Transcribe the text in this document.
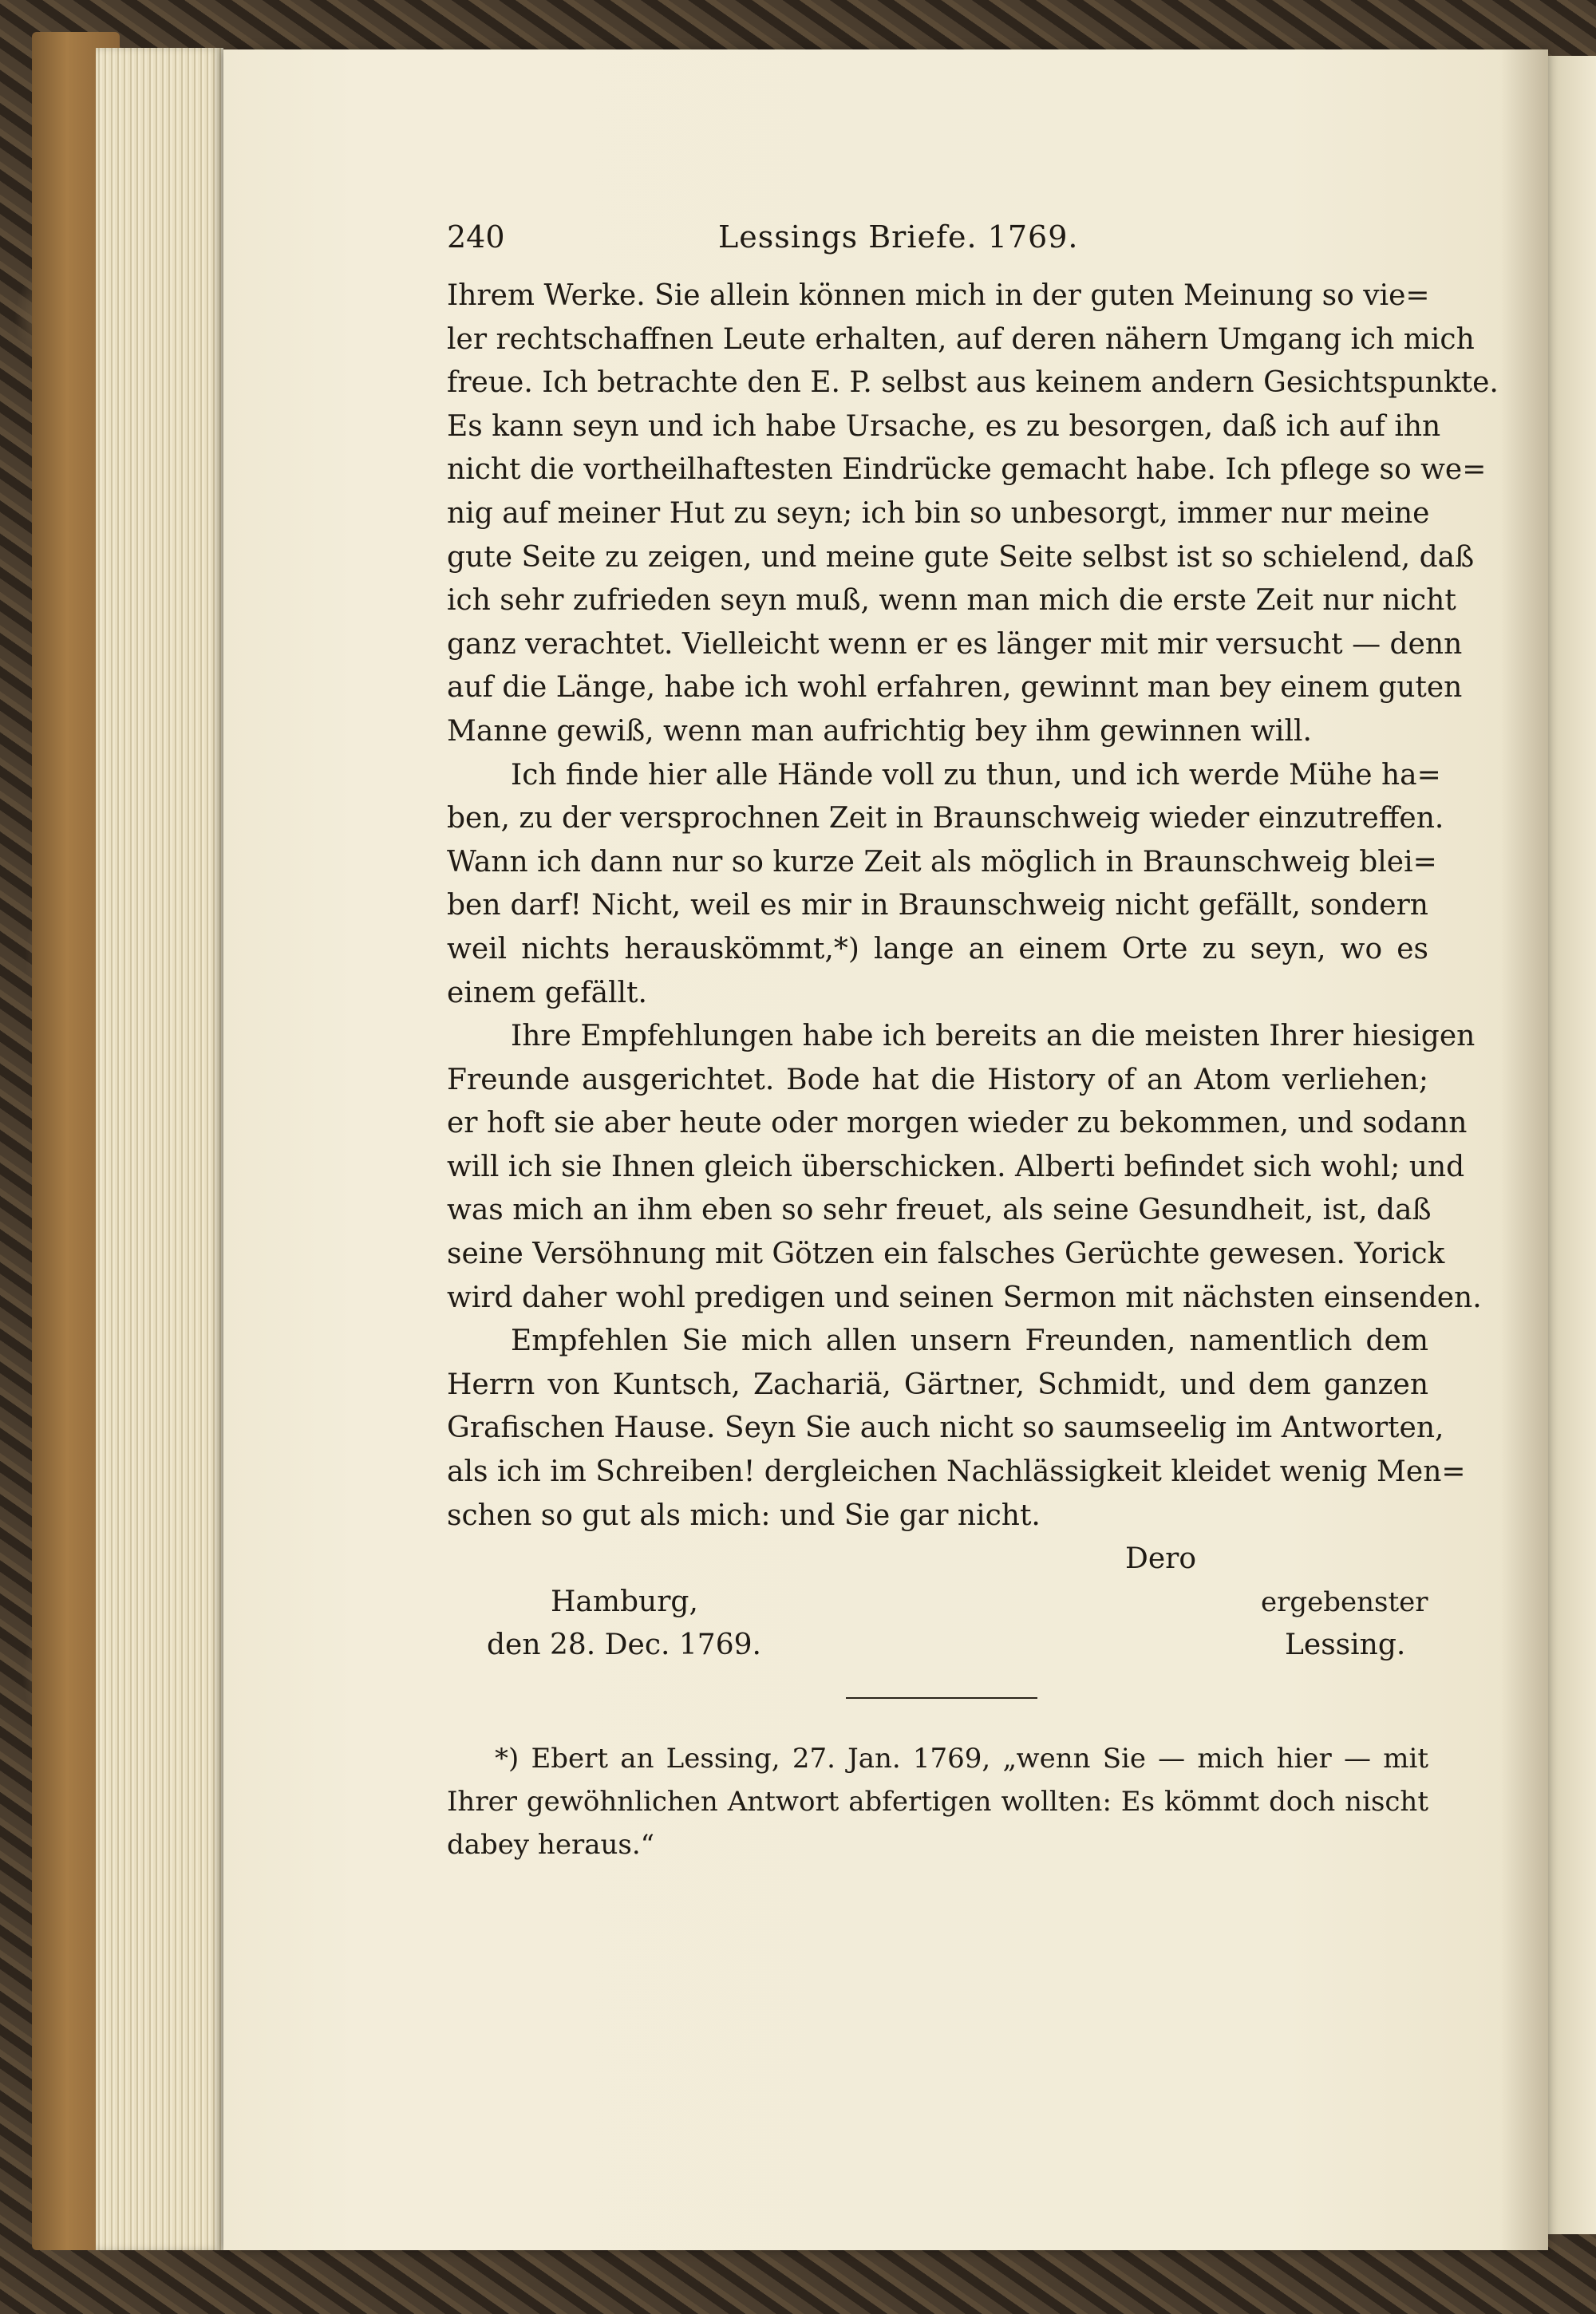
240	Lessings Briefe. 1769.
Ihrem Werke. Sie allein können mich in der guten Meinung so vie=
ler rechtschaffnen Leute erhalten, auf deren nähern Umgang ich mich
freue. Ich betrachte den E. P. selbst aus keinem andern Gesichtspunkte.
Es kann seyn und ich habe Ursache, es zu besorgen, daß ich auf ihn
nicht die vortheilhaftesten Eindrücke gemacht habe. Ich pflege so we=
nig auf meiner Hut zu seyn; ich bin so unbesorgt, immer nur meine
gute Seite zu zeigen, und meine gute Seite selbst ist so schielend, daß
ich sehr zufrieden seyn muß, wenn man mich die erste Zeit nur nicht
ganz verachtet. Vielleicht wenn er es länger mit mir versucht — denn
auf die Länge, habe ich wohl erfahren, gewinnt man bey einem guten
Manne gewiß, wenn man aufrichtig bey ihm gewinnen will.
Ich finde hier alle Hände voll zu thun, und ich werde Mühe ha=
ben, zu der versprochnen Zeit in Braunschweig wieder einzutreffen.
Wann ich dann nur so kurze Zeit als möglich in Braunschweig blei=
ben darf! Nicht, weil es mir in Braunschweig nicht gefällt, sondern
weil nichts herauskömmt,*) lange an einem Orte zu seyn, wo es
einem gefällt.
Ihre Empfehlungen habe ich bereits an die meisten Ihrer hiesigen
Freunde ausgerichtet. Bode hat die History of an Atom verliehen;
er hoft sie aber heute oder morgen wieder zu bekommen, und sodann
will ich sie Ihnen gleich überschicken. Alberti befindet sich wohl; und
was mich an ihm eben so sehr freuet, als seine Gesundheit, ist, daß
seine Versöhnung mit Götzen ein falsches Gerüchte gewesen. Yorick
wird daher wohl predigen und seinen Sermon mit nächsten einsenden.
Empfehlen Sie mich allen unsern Freunden, namentlich dem
Herrn von Kuntsch, Zachariä, Gärtner, Schmidt, und dem ganzen
Grafischen Hause. Seyn Sie auch nicht so saumseelig im Antworten,
als ich im Schreiben! dergleichen Nachlässigkeit kleidet wenig Men=
schen so gut als mich: und Sie gar nicht.
Dero
Hamburg,	ergebenster
den 28. Dec. 1769.	Lessing.
*) Ebert an Lessing, 27. Jan. 1769, „wenn Sie — mich hier — mit
Ihrer gewöhnlichen Antwort abfertigen wollten: Es kömmt doch nischt
dabey heraus.“
